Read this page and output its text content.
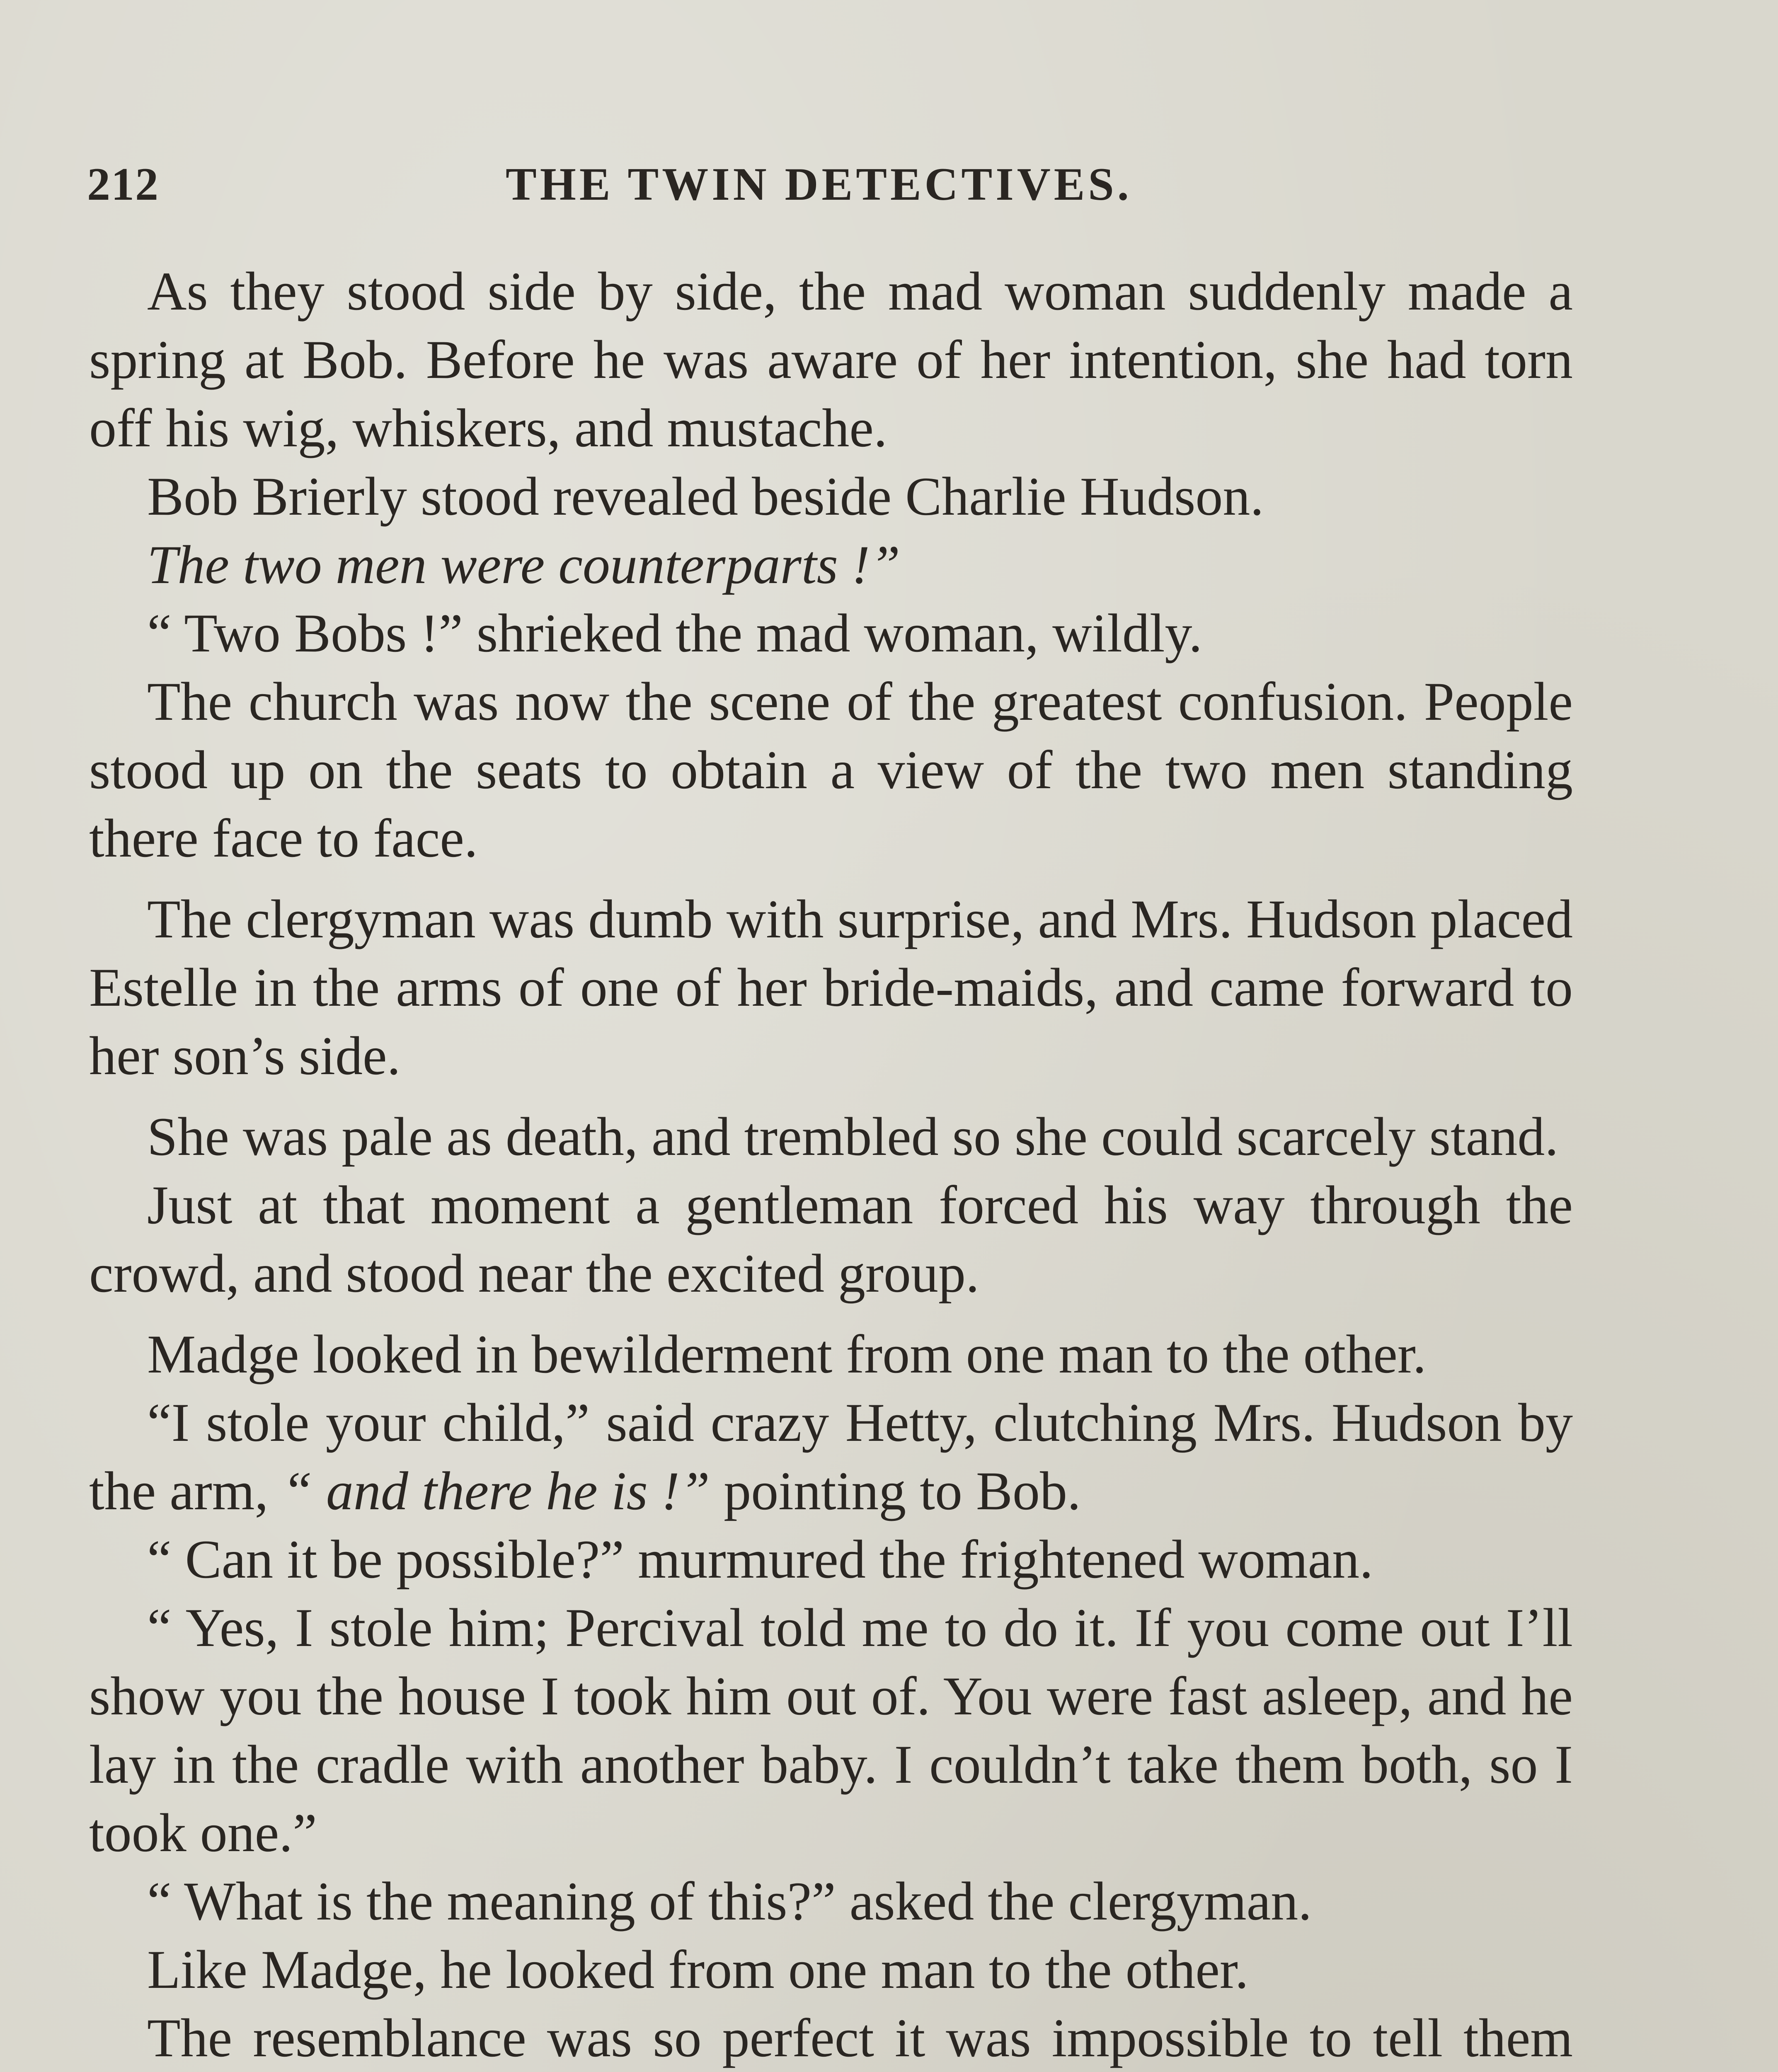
212	THE TWIN DETECTIVES.

As they stood side by side, the mad woman suddenly made a spring at Bob. Before he was aware of her intention, she had torn off his wig, whiskers, and mustache.

Bob Brierly stood revealed beside Charlie Hudson.

The two men were counterparts !”

“ Two Bobs !” shrieked the mad woman, wildly.

The church was now the scene of the greatest confusion. People stood up on the seats to obtain a view of the two men standing there face to face.

The clergyman was dumb with surprise, and Mrs. Hudson placed Estelle in the arms of one of her bride-maids, and came forward to her son’s side.

She was pale as death, and trembled so she could scarcely stand.

Just at that moment a gentleman forced his way through the crowd, and stood near the excited group.

Madge looked in bewilderment from one man to the other.

“I stole your child,” said crazy Hetty, clutching Mrs. Hudson by the arm, “ and there he is !” pointing to Bob.

“ Can it be possible?” murmured the frightened woman.

“ Yes, I stole him; Percival told me to do it. If you come out I’ll show you the house I took him out of. You were fast asleep, and he lay in the cradle with another baby. I couldn’t take them both, so I took one.”

“ What is the meaning of this?” asked the clergyman.

Like Madge, he looked from one man to the other.

The resemblance was so perfect it was impossible to tell them
